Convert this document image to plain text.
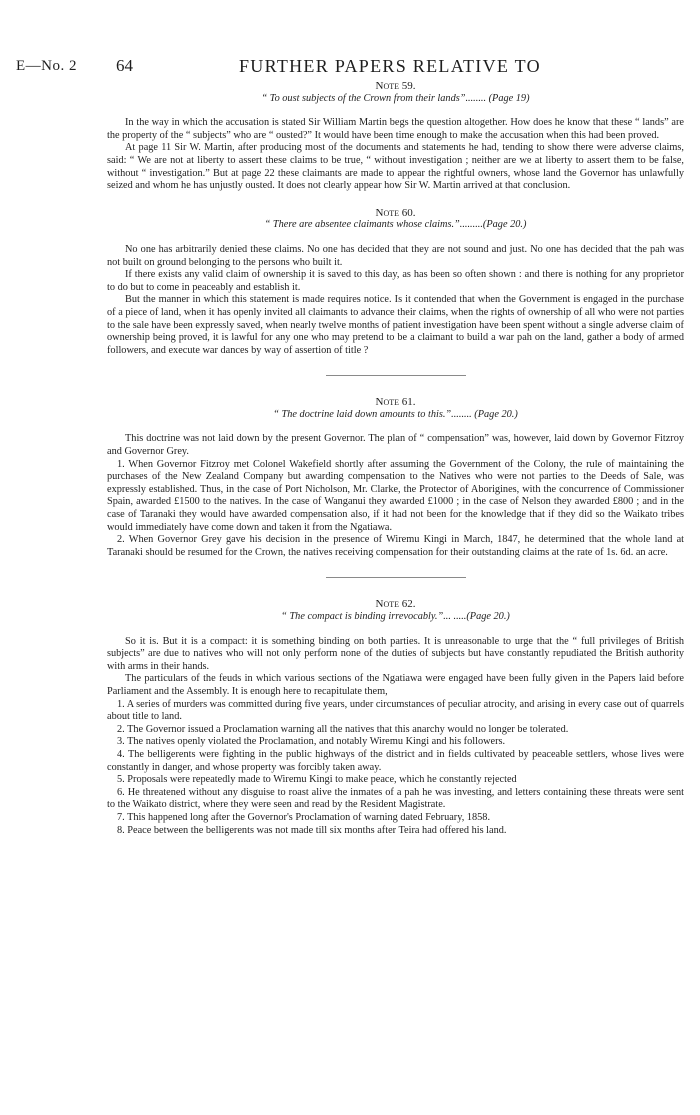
E—No. 2 64	FURTHER PAPERS RELATIVE TO
Note 59.
“ To oust subjects of the Crown from their lands”........ (Page 19)

In the way in which the accusation is stated Sir William Martin begs the question altogether. How does he know that these “ lands” are the property of the “ subjects” who are “ ousted?” It would have been time enough to make the accusation when this had been proved.

At page 11 Sir W. Martin, after producing most of the documents and statements he had, tending to show there were adverse claims, said: “ We are not at liberty to assert these claims to be true, “ without investigation ; neither are we at liberty to assert them to be false, without “ investigation.” But at page 22 these claimants are made to appear the rightful owners, whose land the Governor has unlawfully seized and whom he has unjustly ousted. It does not clearly appear how Sir W. Martin arrived at that conclusion.

Note 60.
“ There are absentee claimants whose claims.”.........(Page 20.)

No one has arbitrarily denied these claims. No one has decided that they are not sound and just. No one has decided that the pah was not built on ground belonging to the persons who built it.

If there exists any valid claim of ownership it is saved to this day, as has been so often shown : and there is nothing for any proprietor to do but to come in peaceably and establish it.

But the manner in which this statement is made requires notice. Is it contended that when the Government is engaged in the purchase of a piece of land, when it has openly invited all claimants to advance their claims, when the rights of ownership of all who were not parties to the sale have been expressly saved, when nearly twelve months of patient investigation have been spent without a single adverse claim of ownership being proved, it is lawful for any one who may pretend to be a claimant to build a war pah on the land, gather a body of armed followers, and execute war dances by way of assertion of title ?

Note 61.
“ The doctrine laid down amounts to this.”........ (Page 20.)

This doctrine was not laid down by the present Governor. The plan of “ compensation” was, however, laid down by Governor Fitzroy and Governor Grey.

1. When Governor Fitzroy met Colonel Wakefield shortly after assuming the Government of the Colony, the rule of maintaining the purchases of the New Zealand Company but awarding compensation to the Natives who were not parties to the Deeds of Sale, was expressly established. Thus, in the case of Port Nicholson, Mr. Clarke, the Protector of Aborigines, with the concurrence of Commissioner Spain, awarded £1500 to the natives. In the case of Wanganui they awarded £1000 ; in the case of Nelson they awarded £800 ; and in the case of Taranaki they would have awarded compensation also, if it had not been for the knowledge that if they did so the Waikato tribes would immediately have come down and taken it from the Ngatiawa.

2. When Governor Grey gave his decision in the presence of Wiremu Kingi in March, 1847, he determined that the whole land at Taranaki should be resumed for the Crown, the natives receiving compensation for their outstanding claims at the rate of 1s. 6d. an acre.

Note 62.
“ The compact is binding irrevocably.”... .....(Page 20.)

So it is. But it is a compact: it is something binding on both parties. It is unreasonable to urge that the “ full privileges of British subjects” are due to natives who will not only perform none of the duties of subjects but have constantly repudiated the British authority with arms in their hands.

The particulars of the feuds in which various sections of the Ngatiawa were engaged have been fully given in the Papers laid before Parliament and the Assembly. It is enough here to recapitulate them,

1. A series of murders was committed during five years, under circumstances of peculiar atrocity, and arising in every case out of quarrels about title to land.

2. The Governor issued a Proclamation warning all the natives that this anarchy would no longer be tolerated.

3. The natives openly violated the Proclamation, and notably Wiremu Kingi and his followers.

4. The belligerents were fighting in the public highways of the district and in fields cultivated by peaceable settlers, whose lives were constantly in danger, and whose property was forcibly taken away.

5. Proposals were repeatedly made to Wiremu Kingi to make peace, which he constantly rejected

6. He threatened without any disguise to roast alive the inmates of a pah he was investing, and letters containing these threats were sent to the Waikato district, where they were seen and read by the Resident Magistrate.

7. This happened long after the Governor's Proclamation of warning dated February, 1858.

8. Peace between the belligerents was not made till six months after Teira had offered his land.
